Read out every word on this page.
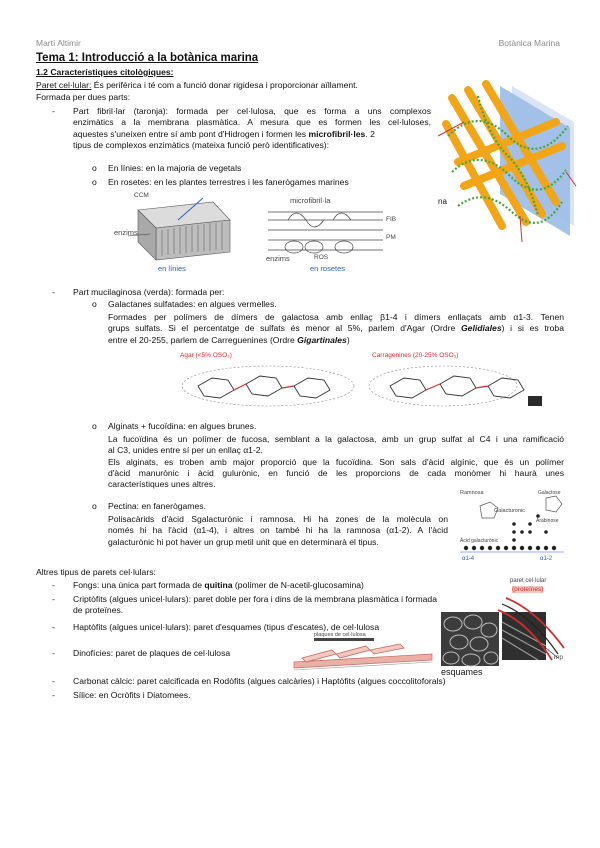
Martí Altimir	Botànica Marina
Tema 1: Introducció a la botànica marina
1.2 Característiques citològiques:
Paret cel·lular: És perifèrica i té com a funció donar rigidesa i proporcionar aïllament.
Formada per dues parts:
- Part fibril·lar (taronja): formada per cel·lulosa, que es forma a uns complexos
enzimàtics a la membrana plasmàtica. A mesura que es formen les cel·luloses,
aquestes s'uneixen entre sí amb pont d'Hidrogen i formen les microfibril·les. 2
tipus de complexos enzimàtics (mateixa funció però identificatives):
o En línies: en la majoria de vegetals
o En rosetes: en les plantes terrestres i les fanerògames marines
CCM
enzims
en línies
microfibril·la
FIB
PM
ROS
enzims
en rosetes
na
- Part mucilaginosa (verda): formada per:
o Galactanes sulfatades: en algues vermelles.
Formades per polímers de dímers de galactosa amb enllaç β1-4 i dímers enllaçats amb α1-3. Tenen
grups sulfats. Si el percentatge de sulfats és menor al 5%, parlem d'Agar (Ordre Gelidiales) i si es troba
entre el 20-255, parlem de Carreguenines (Ordre Gigartinales)
Agar (<5% OSO₃)	Carragenines (20-25% OSO₃)
o Alginats + fucoïdina: en algues brunes.
La fucoïdina és un polímer de fucosa, semblant a la galactosa, amb un grup sulfat al C4 i una ramificació
al C3, unides entre sí per un enllaç α1-2.
Els alginats, es troben amb major proporció que la fucoïdina. Son sals d'àcid algínic, que és un polímer
d'àcid manurònic i àcid gulurònic, en funció de les proporcions de cada monòmer hi haurà unes
característiques unes altres.
o Pectina: en fanerògames.
Polisacàrids d'àcid Sgalacturònic i ramnosa. Hi ha zones de la molècula on
només hi ha l'àcid (α1-4), i altres on també hi ha la ramnosa (α1-2). A l'àcid
galacturònic hi pot haver un grup metil unit que en determinarà el tipus.
Ramnosa
Galacturonic
Àcid galacturònic
α1-4	α1-2
Galactose
Arabinose
Altres tipus de parets cel·lulars:
- Fongs: una única part formada de quitina (polímer de N-acetil-glucosamina)
- Criptòfits (algues unicel·lulars): paret doble per fora i dins de la membrana plasmàtica i formada
de proteïnes.
- Haptòfits (algues unicel·lulars): paret d'esquames (tipus d'escates), de cel·lulosa
- Dinofícies: paret de plaques de cel·lulosa
- Carbonat càlcic: paret calcificada en Rodòfits (algues calcàries) i Haptòfits (algues coccolitoforals)
- Sílice: en Ocròfits i Diatomees.
plaques de cel·lulosa
esquames
paret cel·lular
(proteïnes)
mp
